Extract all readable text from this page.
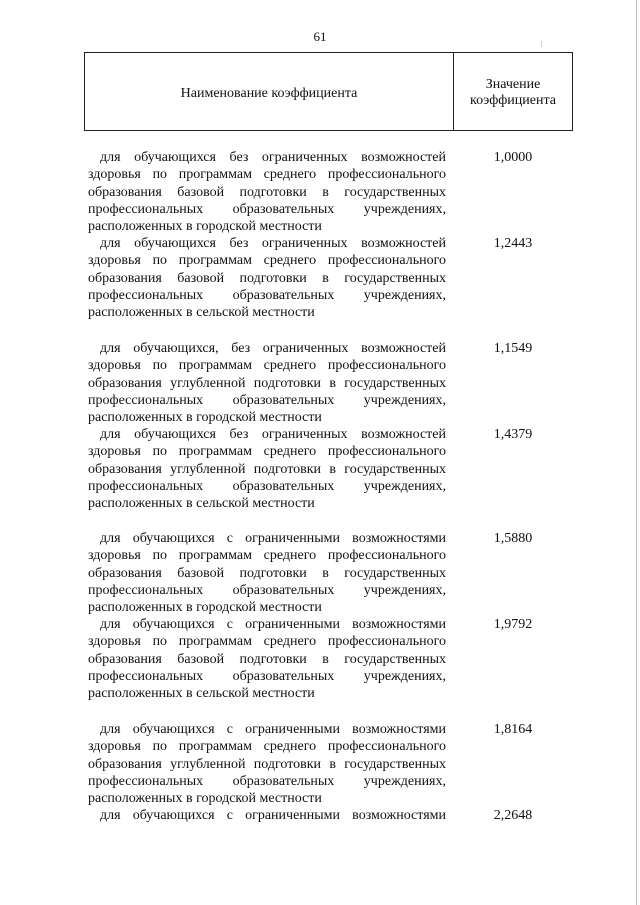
61
Наименование коэффициента
Значение
коэффициента
для обучающихся без ограниченных возможностей здоровья по программам среднего профессионального образования базовой подготовки в государственных профессиональных образовательных учреждениях, расположенных в городской местности
1,0000
для обучающихся без ограниченных возможностей здоровья по программам среднего профессионального образования базовой подготовки в государственных профессиональных образовательных учреждениях, расположенных в сельской местности
1,2443
для обучающихся, без ограниченных возможностей здоровья по программам среднего профессионального образования углубленной подготовки в государственных профессиональных образовательных учреждениях, расположенных в городской местности
1,1549
для обучающихся без ограниченных возможностей здоровья по программам среднего профессионального образования углубленной подготовки в государственных профессиональных образовательных учреждениях, расположенных в сельской местности
1,4379
для обучающихся с ограниченными возможностями здоровья по программам среднего профессионального образования базовой подготовки в государственных профессиональных образовательных учреждениях, расположенных в городской местности
1,5880
для обучающихся с ограниченными возможностями здоровья по программам среднего профессионального образования базовой подготовки в государственных профессиональных образовательных учреждениях, расположенных в сельской местности
1,9792
для обучающихся с ограниченными возможностями здоровья по программам среднего профессионального образования углубленной подготовки в государственных профессиональных образовательных учреждениях, расположенных в городской местности
1,8164
для обучающихся с ограниченными возможностями	2,2648
